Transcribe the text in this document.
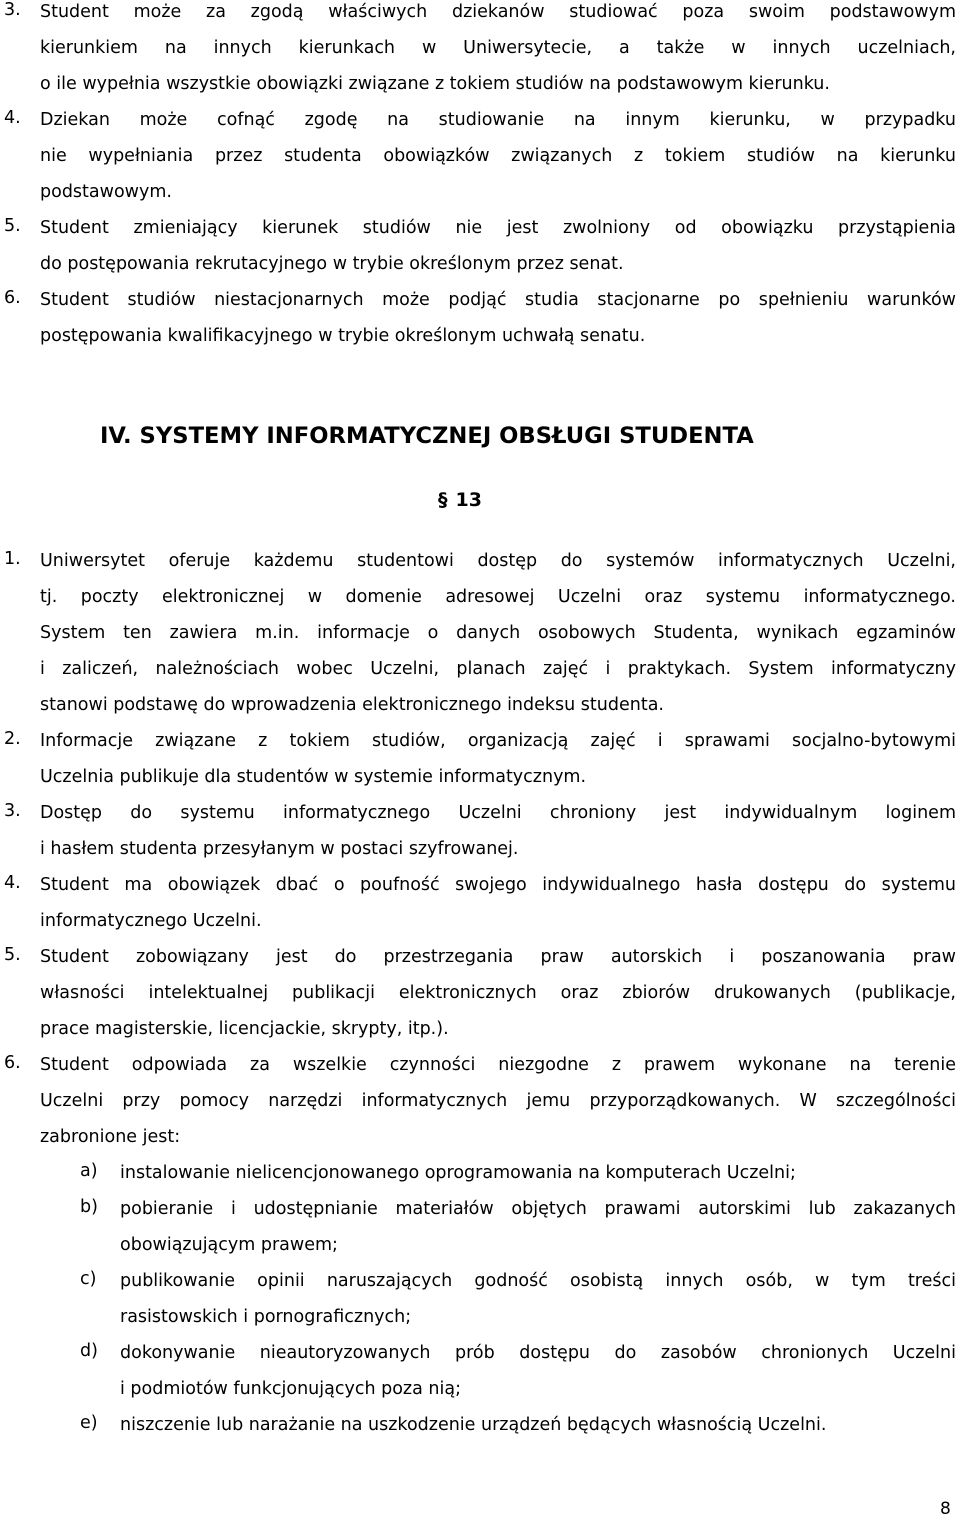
3. Student może za zgodą właściwych dziekanów studiować poza swoim podstawowym
kierunkiem na innych kierunkach w Uniwersytecie, a także w innych uczelniach,
o ile wypełnia wszystkie obowiązki związane z tokiem studiów na podstawowym kierunku.
4. Dziekan może cofnąć zgodę na studiowanie na innym kierunku, w przypadku
nie wypełniania przez studenta obowiązków związanych z tokiem studiów na kierunku
podstawowym.
5. Student zmieniający kierunek studiów nie jest zwolniony od obowiązku przystąpienia
do postępowania rekrutacyjnego w trybie określonym przez senat.
6. Student studiów niestacjonarnych może podjąć studia stacjonarne po spełnieniu warunków
postępowania kwalifikacyjnego w trybie określonym uchwałą senatu.
IV. SYSTEMY INFORMATYCZNEJ OBSŁUGI STUDENTA
§ 13
1. Uniwersytet oferuje każdemu studentowi dostęp do systemów informatycznych Uczelni,
tj. poczty elektronicznej w domenie adresowej Uczelni oraz systemu informatycznego.
System ten zawiera m.in. informacje o danych osobowych Studenta, wynikach egzaminów
i zaliczeń, należnościach wobec Uczelni, planach zajęć i praktykach. System informatyczny
stanowi podstawę do wprowadzenia elektronicznego indeksu studenta.
2. Informacje związane z tokiem studiów, organizacją zajęć i sprawami socjalno-bytowymi
Uczelnia publikuje dla studentów w systemie informatycznym.
3. Dostęp do systemu informatycznego Uczelni chroniony jest indywidualnym loginem
i hasłem studenta przesyłanym w postaci szyfrowanej.
4. Student ma obowiązek dbać o poufność swojego indywidualnego hasła dostępu do systemu
informatycznego Uczelni.
5. Student zobowiązany jest do przestrzegania praw autorskich i poszanowania praw
własności intelektualnej publikacji elektronicznych oraz zbiorów drukowanych (publikacje,
prace magisterskie, licencjackie, skrypty, itp.).
6. Student odpowiada za wszelkie czynności niezgodne z prawem wykonane na terenie
Uczelni przy pomocy narzędzi informatycznych jemu przyporządkowanych. W szczególności
zabronione jest:
a) instalowanie nielicencjonowanego oprogramowania na komputerach Uczelni;
b) pobieranie i udostępnianie materiałów objętych prawami autorskimi lub zakazanych
obowiązującym prawem;
c) publikowanie opinii naruszających godność osobistą innych osób, w tym treści
rasistowskich i pornograficznych;
d) dokonywanie nieautoryzowanych prób dostępu do zasobów chronionych Uczelni
i podmiotów funkcjonujących poza nią;
e) niszczenie lub narażanie na uszkodzenie urządzeń będących własnością Uczelni.
8
